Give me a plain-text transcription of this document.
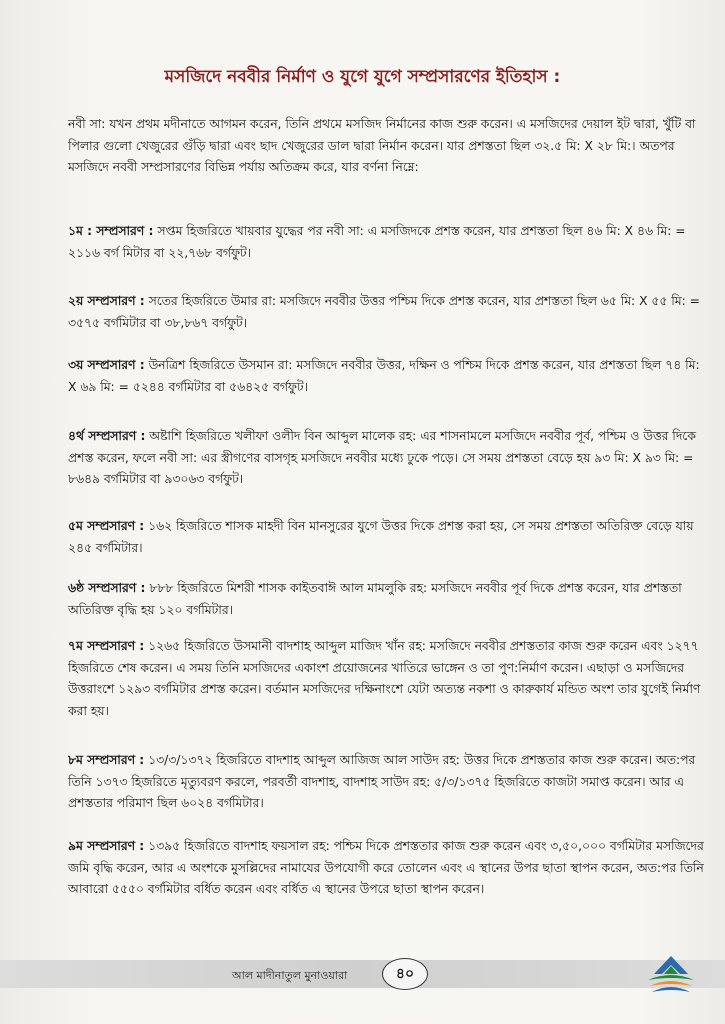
মসজিদে নববীর নির্মাণ ও যুগে যুগে সম্প্রসারণের ইতিহাস :
নবী সা: যখন প্রথম মদীনাতে আগমন করেন, তিনি প্রথমে মসজিদ নির্মানের কাজ শুরু করেন। এ মসজিদের দেয়াল ইট দ্বারা, খুঁটি বা পিলার গুলো খেজুরের গুঁড়ি দ্বারা এবং ছাদ খেজুরের ডাল দ্বারা নির্মান করেন। যার প্রশস্ততা ছিল ৩২.৫ মি: X ২৮ মি:। অতপর মসজিদে নববী সম্প্রসারণের বিভিন্ন পর্যায় অতিক্রম করে, যার বর্ণনা নিম্নে:
১ম : সম্প্রসারণ : সপ্তম হিজরিতে খায়বার যুদ্ধের পর নবী সা: এ মসজিদকে প্রশস্ত করেন, যার প্রশস্ততা ছিল ৪৬ মি: X ৪৬ মি: = ২১১৬ বর্গ মিটার বা ২২,৭৬৮ বর্গফুট।
২য় সম্প্রসারণ : সতের হিজরিতে উমার রা: মসজিদে নববীর উত্তর পশ্চিম দিকে প্রশস্ত করেন, যার প্রশস্ততা ছিল ৬৫ মি: X ৫৫ মি: = ৩৫৭৫ বর্গমিটার বা ৩৮,৮৬৭ বর্গফুট।
৩য় সম্প্রসারণ : উনত্রিশ হিজরিতে উসমান রা: মসজিদে নববীর উত্তর, দক্ষিন ও পশ্চিম দিকে প্রশস্ত করেন, যার প্রশস্ততা ছিল ৭৪ মি: X ৬৯ মি: = ৫২৪৪ বর্গমিটার বা ৫৬৪২৫ বর্গফুট।
৪র্থ সম্প্রসারণ : অষ্টাশি হিজরিতে খলীফা ওলীদ বিন আব্দুল মালেক রহ: এর শাসনামলে মসজিদে নববীর পূর্ব, পশ্চিম ও উত্তর দিকে প্রশস্ত করেন, ফলে নবী সা: এর স্ত্রীগণের বাসগৃহ মসজিদে নববীর মধ্যে ঢুকে পড়ে। সে সময় প্রশস্ততা বেড়ে হয় ৯৩ মি: X ৯৩ মি: = ৮৬৪৯ বর্গমিটার বা ৯৩০৬৩ বর্গফুট।
৫ম সম্প্রসারণ : ১৬২ হিজরিতে শাসক মাহদী বিন মানসুরের যুগে উত্তর দিকে প্রশস্ত করা হয়, সে সময় প্রশস্ততা অতিরিক্ত বেড়ে যায় ২৪৫ বর্গমিটার।
৬ষ্ঠ সম্প্রসারণ : ৮৮৮ হিজরিতে মিশরী শাসক কাইতবাঈ আল মামলুকি রহ: মসজিদে নববীর পূর্ব দিকে প্রশস্ত করেন, যার প্রশস্ততা অতিরিক্ত বৃদ্ধি হয় ১২০ বর্গমিটার।
৭ম সম্প্রসারণ : ১২৬৫ হিজরিতে উসমানী বাদশাহ আব্দুল মাজিদ খাঁন রহ: মসজিদে নববীর প্রশস্ততার কাজ শুরু করেন এবং ১২৭৭ হিজরিতে শেষ করেন। এ সময় তিনি মসজিদের একাংশ প্রয়োজনের খাতিরে ভাঙ্গেন ও তা পুণ:নির্মাণ করেন। এছাড়া ও মসজিদের উত্তরাংশে ১২৯৩ বর্গমিটার প্রশস্ত করেন। বর্তমান মসজিদের দক্ষিনাংশে যেটা অত্যন্ত নকশা ও কারুকার্য মন্ডিত অংশ তার যুগেই নির্মাণ করা হয়।
৮ম সম্প্রসারণ : ১৩/৩/১৩৭২ হিজরিতে বাদশাহ আব্দুল আজিজ আল সাউদ রহ: উত্তর দিকে প্রশস্ততার কাজ শুরু করেন। অত:পর তিনি ১৩৭৩ হিজরিতে মৃত্যুবরণ করলে, পরবর্তী বাদশাহ, বাদশাহ সাউদ রহ: ৫/৩/১৩৭৫ হিজরিতে কাজটা সমাপ্ত করেন। আর এ প্রশস্ততার পরিমাণ ছিল ৬০২৪ বর্গমিটার।
৯ম সম্প্রসারণ : ১৩৯৫ হিজরিতে বাদশাহ ফয়সাল রহ: পশ্চিম দিকে প্রশস্ততার কাজ শুরু করেন এবং ৩,৫০,০০০ বর্গমিটার মসজিদের জমি বৃদ্ধি করেন, আর এ অংশকে মুসল্লিদের নামাযের উপযোগী করে তোলেন এবং এ স্থানের উপর ছাতা স্থাপন করেন, অত:পর তিনি আবারো ৫৫৫০ বর্গমিটার বর্ধিত করেন এবং বর্ধিত এ স্থানের উপরে ছাতা স্থাপন করেন।
আল মাদীনাতুল মুনাওয়ারা	৪০
